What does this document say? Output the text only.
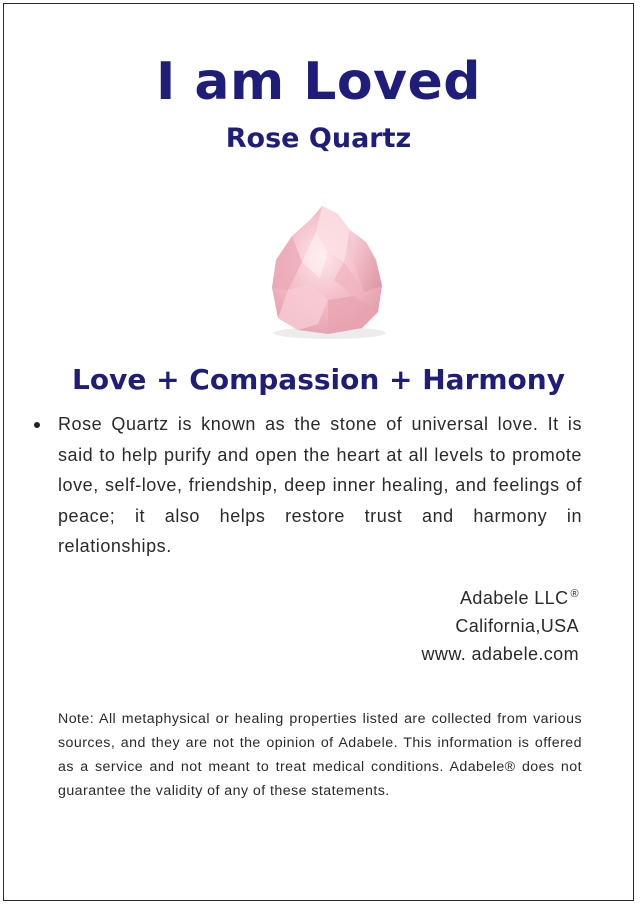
I am Loved
Rose Quartz
Love + Compassion + Harmony
Rose Quartz is known as the stone of universal love. It is said to help purify and open the heart at all levels to promote love, self-love, friendship, deep inner healing, and feelings of peace; it also helps restore trust and harmony in relationships.
Adabele LLC ®
California,USA
www. adabele.com
Note: All metaphysical or healing properties listed are collected from various sources, and they are not the opinion of Adabele. This information is offered as a service and not meant to treat medical conditions. Adabele® does not guarantee the validity of any of these statements.
